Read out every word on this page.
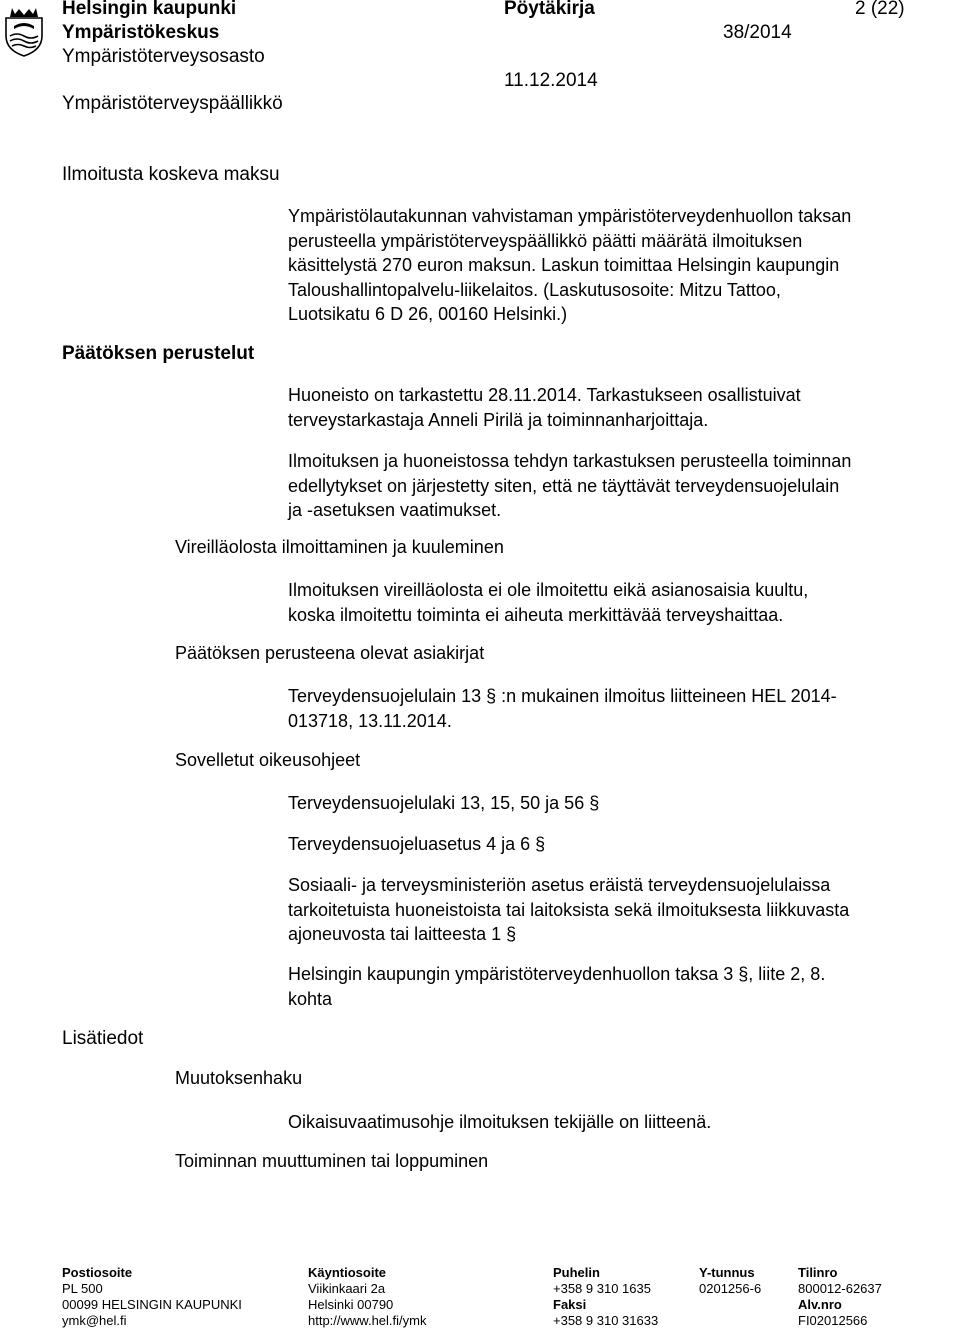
Helsingin kaupunki
Ympäristökeskus
Ympäristöterveysosasto
Ympäristöterveyspäällikkö
Pöytäkirja
38/2014
11.12.2014
2 (22)
Ilmoitusta koskeva maksu
Päätöksen perustelut
Lisätiedot
Ympäristölautakunnan vahvistaman ympäristöterveydenhuollon taksan
perusteella ympäristöterveyspäällikkö päätti määrätä ilmoituksen
käsittelystä 270 euron maksun. Laskun toimittaa Helsingin kaupungin
Taloushallintopalvelu-liikelaitos. (Laskutusosoite: Mitzu Tattoo,
Luotsikatu 6 D 26, 00160 Helsinki.)
Huoneisto on tarkastettu 28.11.2014. Tarkastukseen osallistuivat
terveystarkastaja Anneli Pirilä ja toiminnanharjoittaja.
Ilmoituksen ja huoneistossa tehdyn tarkastuksen perusteella toiminnan
edellytykset on järjestetty siten, että ne täyttävät terveydensuojelulain
ja -asetuksen vaatimukset.
Vireilläolosta ilmoittaminen ja kuuleminen
Ilmoituksen vireilläolosta ei ole ilmoitettu eikä asianosaisia kuultu,
koska ilmoitettu toiminta ei aiheuta merkittävää terveyshaittaa.
Päätöksen perusteena olevat asiakirjat
Terveydensuojelulain 13 § :n mukainen ilmoitus liitteineen HEL 2014-
013718, 13.11.2014.
Sovelletut oikeusohjeet
Terveydensuojelulaki 13, 15, 50 ja 56 §
Terveydensuojeluasetus 4 ja 6 §
Sosiaali- ja terveysministeriön asetus eräistä terveydensuojelulaissa
tarkoitetuista huoneistoista tai laitoksista sekä ilmoituksesta liikkuvasta
ajoneuvosta tai laitteesta 1 §
Helsingin kaupungin ympäristöterveydenhuollon taksa 3 §, liite 2, 8.
kohta
Muutoksenhaku
Oikaisuvaatimusohje ilmoituksen tekijälle on liitteenä.
Toiminnan muuttuminen tai loppuminen
Postiosoite
PL 500
00099 HELSINGIN KAUPUNKI
ymk@hel.fi
Käyntiosoite
Viikinkaari 2a
Helsinki 00790
http://www.hel.fi/ymk
Puhelin
+358 9 310 1635
Faksi
+358 9 310 31633
Y-tunnus
0201256-6
Tilinro
800012-62637
Alv.nro
FI02012566
